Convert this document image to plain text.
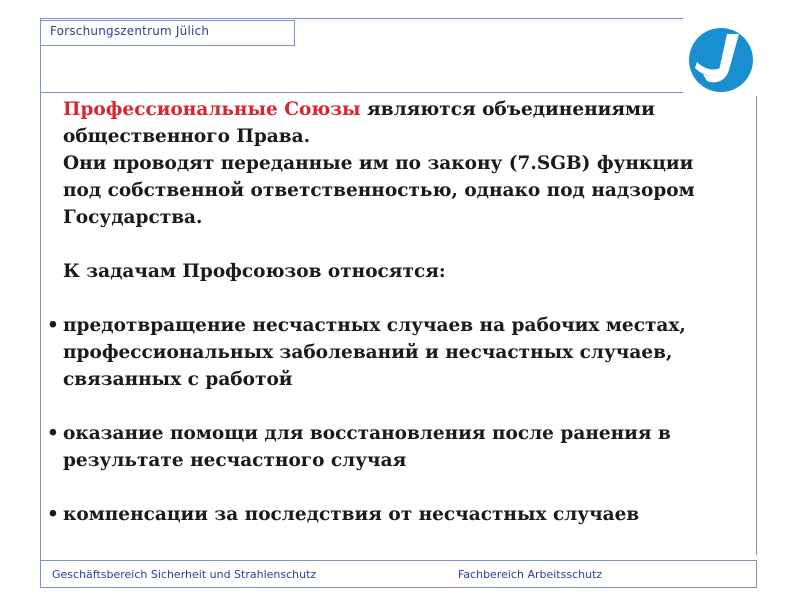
Forschungszentrum Jülich

Профессиональные Союзы являются объединениями

общественного Права.

Они проводят переданные им по закону (7.SGB) функции

под собственной ответственностью, однако под надзором

Государства.

К задачам Профсоюзов относятся:

• предотвращение несчастных случаев на рабочих местах,
профессиональных заболеваний и несчастных случаев,
связанных с работой
• оказание помощи для восстановления после ранения в
результате несчастного случая
• компенсации за последствия от несчастных случаев
Geschäftsbereich Sicherheit und Strahlenschutz	Fachbereich Arbeitsschutz
